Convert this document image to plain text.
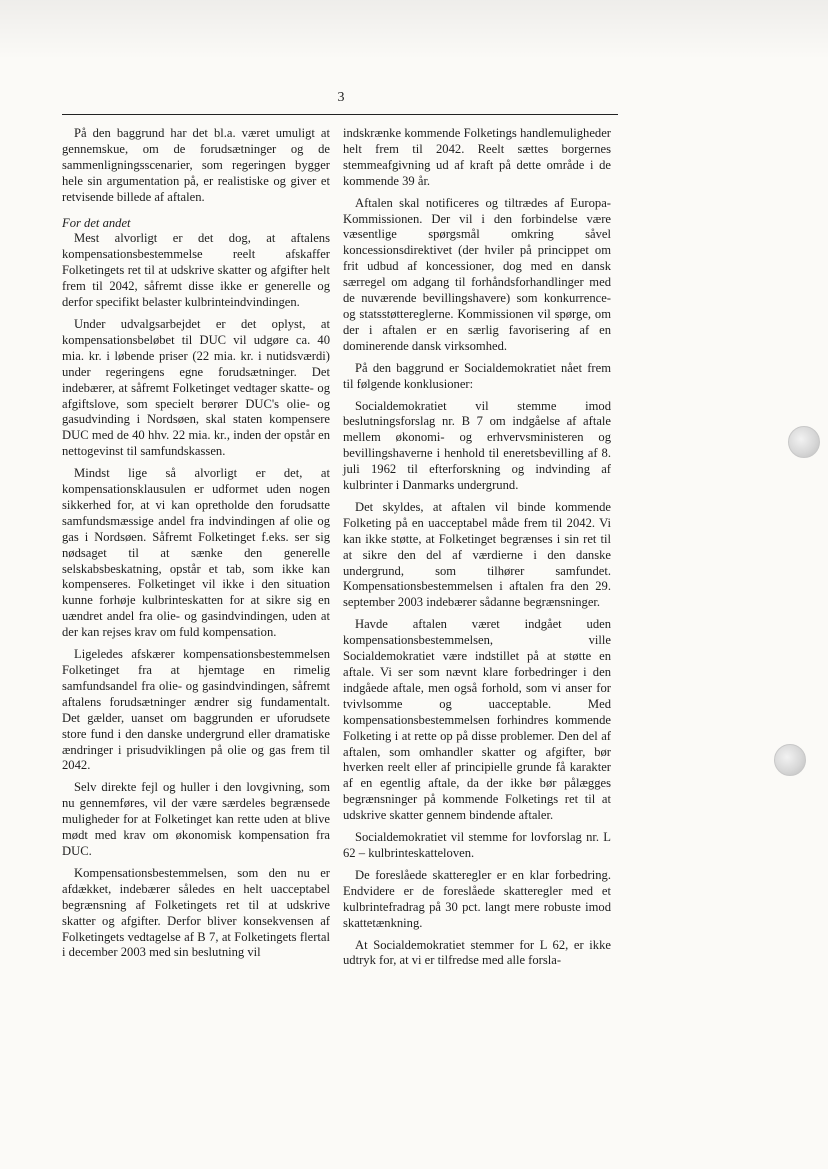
3

På den baggrund har det bl.a. været umuligt at gennemskue, om de forudsætninger og de sammenligningsscenarier, som regeringen bygger hele sin argumentation på, er realistiske og giver et retvisende billede af aftalen.

For det andet

Mest alvorligt er det dog, at aftalens kompensationsbestemmelse reelt afskaffer Folketingets ret til at udskrive skatter og afgifter helt frem til 2042, såfremt disse ikke er generelle og derfor specifikt belaster kulbrinteindvindingen.

Under udvalgsarbejdet er det oplyst, at kompensationsbeløbet til DUC vil udgøre ca. 40 mia. kr. i løbende priser (22 mia. kr. i nutidsværdi) under regeringens egne forudsætninger. Det indebærer, at såfremt Folketinget vedtager skatte- og afgiftslove, som specielt berører DUC's olie- og gasudvinding i Nordsøen, skal staten kompensere DUC med de 40 hhv. 22 mia. kr., inden der opstår en nettogevinst til samfundskassen.

Mindst lige så alvorligt er det, at kompensationsklausulen er udformet uden nogen sikkerhed for, at vi kan opretholde den forudsatte samfundsmæssige andel fra indvindingen af olie og gas i Nordsøen. Såfremt Folketinget f.eks. ser sig nødsaget til at sænke den generelle selskabsbeskatning, opstår et tab, som ikke kan kompenseres. Folketinget vil ikke i den situation kunne forhøje kulbrinteskatten for at sikre sig en uændret andel fra olie- og gasindvindingen, uden at der kan rejses krav om fuld kompensation.

Ligeledes afskærer kompensationsbestemmelsen Folketinget fra at hjemtage en rimelig samfundsandel fra olie- og gasindvindingen, såfremt aftalens forudsætninger ændrer sig fundamentalt. Det gælder, uanset om baggrunden er uforudsete store fund i den danske undergrund eller dramatiske ændringer i prisudviklingen på olie og gas frem til 2042.

Selv direkte fejl og huller i den lovgivning, som nu gennemføres, vil der være særdeles begrænsede muligheder for at Folketinget kan rette uden at blive mødt med krav om økonomisk kompensation fra DUC.

Kompensationsbestemmelsen, som den nu er afdækket, indebærer således en helt uacceptabel begrænsning af Folketingets ret til at udskrive skatter og afgifter. Derfor bliver konsekvensen af Folketingets vedtagelse af B 7, at Folketingets flertal i december 2003 med sin beslutning vil

indskrænke kommende Folketings handlemuligheder helt frem til 2042. Reelt sættes borgernes stemmeafgivning ud af kraft på dette område i de kommende 39 år.

Aftalen skal notificeres og tiltrædes af Europa-Kommissionen. Der vil i den forbindelse være væsentlige spørgsmål omkring såvel koncessionsdirektivet (der hviler på princippet om frit udbud af koncessioner, dog med en dansk særregel om adgang til forhåndsforhandlinger med de nuværende bevillingshavere) som konkurrence- og statsstøttereglerne. Kommissionen vil spørge, om der i aftalen er en særlig favorisering af en dominerende dansk virksomhed.

På den baggrund er Socialdemokratiet nået frem til følgende konklusioner:

Socialdemokratiet vil stemme imod beslutningsforslag nr. B 7 om indgåelse af aftale mellem økonomi- og erhvervsministeren og bevillingshaverne i henhold til eneretsbevilling af 8. juli 1962 til efterforskning og indvinding af kulbrinter i Danmarks undergrund.

Det skyldes, at aftalen vil binde kommende Folketing på en uacceptabel måde frem til 2042. Vi kan ikke støtte, at Folketinget begrænses i sin ret til at sikre den del af værdierne i den danske undergrund, som tilhører samfundet. Kompensationsbestemmelsen i aftalen fra den 29. september 2003 indebærer sådanne begrænsninger.

Havde aftalen været indgået uden kompensationsbestemmelsen, ville Socialdemokratiet være indstillet på at støtte en aftale. Vi ser som nævnt klare forbedringer i den indgåede aftale, men også forhold, som vi anser for tvivlsomme og uacceptable. Med kompensationsbestemmelsen forhindres kommende Folketing i at rette op på disse problemer. Den del af aftalen, som omhandler skatter og afgifter, bør hverken reelt eller af principielle grunde få karakter af en egentlig aftale, da der ikke bør pålægges begrænsninger på kommende Folketings ret til at udskrive skatter gennem bindende aftaler.

Socialdemokratiet vil stemme for lovforslag nr. L 62 – kulbrinteskatteloven.

De foreslåede skatteregler er en klar forbedring. Endvidere er de foreslåede skatteregler med et kulbrintefradrag på 30 pct. langt mere robuste imod skattetænkning.

At Socialdemokratiet stemmer for L 62, er ikke udtryk for, at vi er tilfredse med alle forsla-
